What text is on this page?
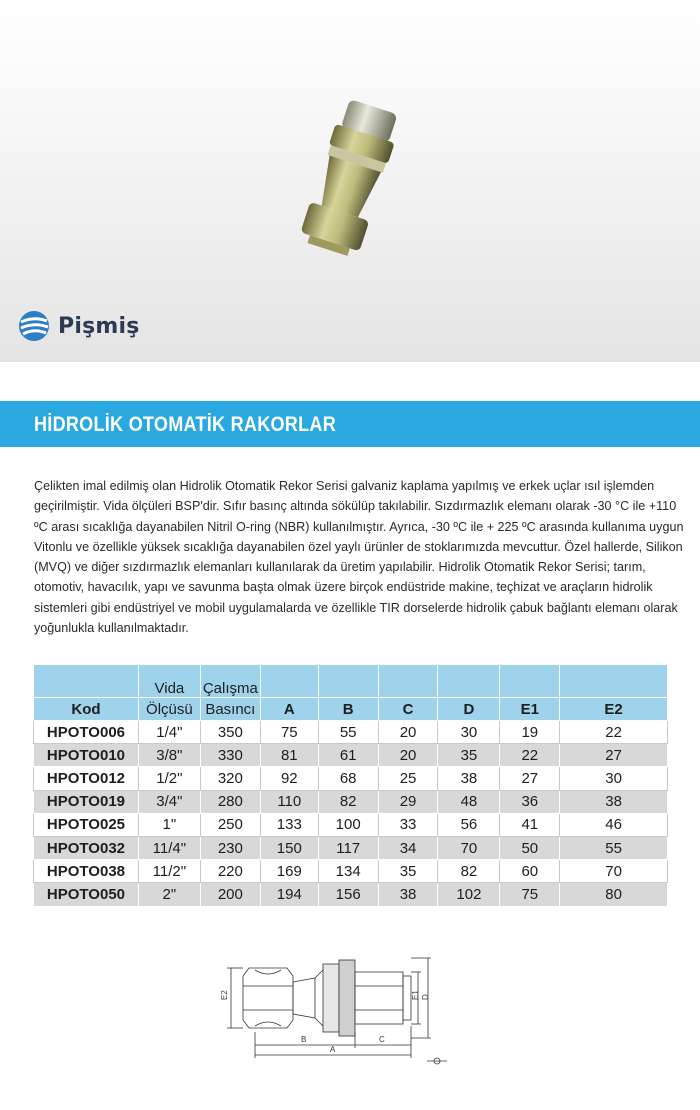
Pişmiş
HİDROLİK OTOMATİK RAKORLAR

Çelikten imal edilmiş olan Hidrolik Otomatik Rekor Serisi galvaniz kaplama yapılmış ve erkek uçlar ısıl işlemden geçirilmiştir. Vida ölçüleri BSP'dir. Sıfır basınç altında sökülüp takılabilir. Sızdırmazlık elemanı olarak -30 °C ile +110 ºC arası sıcaklığa dayanabilen Nitril O-ring (NBR) kullanılmıştır. Ayrıca, -30 ºC ile + 225 ºC arasında kullanıma uygun Vitonlu ve özellikle yüksek sıcaklığa dayanabilen özel yaylı ürünler de stoklarımızda mevcuttur. Özel hallerde, Silikon (MVQ) ve diğer sızdırmazlık elemanları kullanılarak da üretim yapılabilir. Hidrolik Otomatik Rekor Serisi; tarım, otomotiv, havacılık, yapı ve savunma başta olmak üzere birçok endüstride makine, teçhizat ve araçların hidrolik sistemleri gibi endüstriyel ve mobil uygulamalarda ve özellikle TIR dorselerde hidrolik çabuk bağlantı elemanı olarak yoğunlukla kullanılmaktadır.

	Vida	Çalışma						
Kod	Ölçüsü	Basıncı	A	B	C	D	E1	E2
HPOTO006	1/4"	350	75	55	20	30	19	22
HPOTO010	3/8"	330	81	61	20	35	22	27
HPOTO012	1/2"	320	92	68	25	38	27	30
HPOTO019	3/4"	280	110	82	29	48	36	38
HPOTO025	1"	250	133	100	33	56	41	46
HPOTO032	11/4"	230	150	117	34	70	50	55
HPOTO038	11/2"	220	169	134	35	82	60	70
HPOTO050	2"	200	194	156	38	102	75	80
B	C
A
E2	E1 D
